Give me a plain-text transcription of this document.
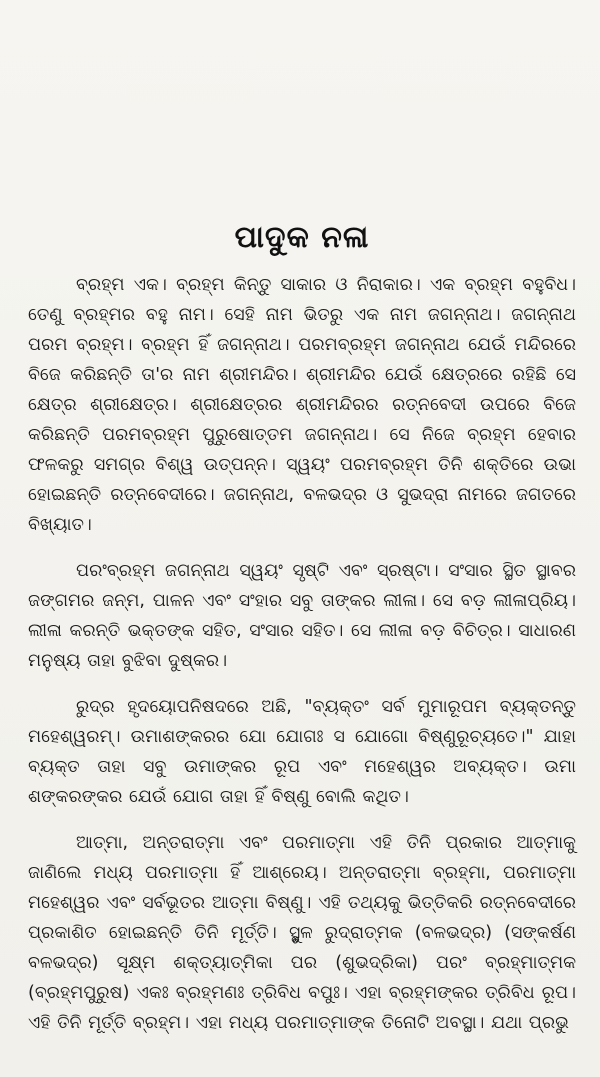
ପାଦୁକ ନଳା

ବ୍ରହ୍ମ ଏକ। ବ୍ରହ୍ମ କିନ୍ତୁ ସାକାର ଓ ନିରାକାର। ଏକ ବ୍ରହ୍ମ ବହୁବିଧ। ତେଣୁ ବ୍ରହ୍ମର ବହୁ ନାମ। ସେହି ନାମ ଭିତରୁ ଏକ ନାମ ଜଗନ୍ନାଥ। ଜଗନ୍ନାଥ ପରମ ବ୍ରହ୍ମ। ବ୍ରହ୍ମ ହିଁ ଜଗନ୍ନାଥ। ପରମବ୍ରହ୍ମ ଜଗନ୍ନାଥ ଯେଉଁ ମନ୍ଦିରରେ ବିଜେ କରିଛନ୍ତି ତା'ର ନାମ ଶ୍ରୀମନ୍ଦିର। ଶ୍ରୀମନ୍ଦିର ଯେଉଁ କ୍ଷେତ୍ରରେ ରହିଛି ସେ କ୍ଷେତ୍ର ଶ୍ରୀକ୍ଷେତ୍ର। ଶ୍ରୀକ୍ଷେତ୍ରର ଶ୍ରୀମନ୍ଦିରର ରତ୍ନବେଦୀ ଉପରେ ବିଜେ କରିଛନ୍ତି ପରମବ୍ରହ୍ମ ପୁରୁଷୋତ୍ତମ ଜଗନ୍ନାଥ। ସେ ନିଜେ ବ୍ରହ୍ମ ହେବାର ଫଳକରୁ ସମଗ୍ର ବିଶ୍ୱ ଉତ୍ପନ୍ନ। ସ୍ୱୟଂ ପରମବ୍ରହ୍ମ ତିନି ଶକ୍ତିରେ ଉଭା ହୋଇଛନ୍ତି ରତ୍ନବେଦୀରେ। ଜଗନ୍ନାଥ, ବଳଭଦ୍ର ଓ ସୁଭଦ୍ରା ନାମରେ ଜଗତରେ ବିଖ୍ୟାତ।

ପରଂବ୍ରହ୍ମ ଜଗନ୍ନାଥ ସ୍ୱୟଂ ସୃଷ୍ଟି ଏବଂ ସ୍ରଷ୍ଟା। ସଂସାର ସ୍ଥିତ ସ୍ଥାବର ଜଙ୍ଗମର ଜନ୍ମ, ପାଳନ ଏବଂ ସଂହାର ସବୁ ତାଙ୍କର ଲୀଳା। ସେ ବଡ଼ ଲୀଳାପ୍ରିୟ। ଲୀଳା କରନ୍ତି ଭକ୍ତଙ୍କ ସହିତ, ସଂସାର ସହିତ। ସେ ଲୀଳା ବଡ଼ ବିଚିତ୍ର। ସାଧାରଣ ମନୁଷ୍ୟ ତାହା ବୁଝିବା ଦୁଷ୍କର।

ରୁଦ୍ର ହୃଦୟୋପନିଷଦରେ ଅଛି, "ବ୍ୟକ୍ତଂ ସର୍ବ ମୁମାରୂପମ ବ୍ୟକ୍ତନ୍ତୁ ମହେଶ୍ୱରମ୍। ଉମାଶଙ୍କରର ଯୋ ଯୋଗଃ ସ ଯୋଗୋ ବିଷ୍ଣୁରୂଚ୍ୟତେ।" ଯାହା ବ୍ୟକ୍ତ ତାହା ସବୁ ଉମାଙ୍କର ରୂପ ଏବଂ ମହେଶ୍ୱର ଅବ୍ୟକ୍ତ। ଉମା ଶଙ୍କରଙ୍କର ଯେଉଁ ଯୋଗ ତାହା ହିଁ ବିଷ୍ଣୁ ବୋଲି କଥିତ।

ଆତ୍ମା, ଅନ୍ତରାତ୍ମା ଏବଂ ପରମାତ୍ମା ଏହି ତିନି ପ୍ରକାର ଆତ୍ମାକୁ ଜାଣିଲେ ମଧ୍ୟ ପରମାତ୍ମା ହିଁ ଆଶ୍ରେୟ। ଅନ୍ତରାତ୍ମା ବ୍ରହ୍ମା, ପରମାତ୍ମା ମହେଶ୍ୱର ଏବଂ ସର୍ବଭୂତର ଆତ୍ମା ବିଷ୍ଣୁ। ଏହି ତଥ୍ୟକୁ ଭିତ୍ତିକରି ରତ୍ନବେଦୀରେ ପ୍ରକାଶିତ ହୋଇଛନ୍ତି ତିନି ମୂର୍ତ୍ତି। ସ୍ଥୁଳ ରୁଦ୍ରାତ୍ମକ (ବଳଭଦ୍ର) (ସଙ୍କର୍ଷଣ ବଳଭଦ୍ର) ସୂକ୍ଷ୍ମ ଶକ୍ତ୍ୟାତ୍ମିକା ପର (ଶୁଭଦ୍ରିକା) ପରଂ ବ୍ରହ୍ମାତ୍ମକ (ବ୍ରହ୍ମପୁରୁଷ) ଏକଃ ବ୍ରହ୍ମଣଃ ତ୍ରିବିଧ ବପୁଃ। ଏହା ବ୍ରହ୍ମଙ୍କର ତ୍ରିବିଧ ରୂପ। ଏହି ତିନି ମୂର୍ତ୍ତି ବ୍ରହ୍ମ। ଏହା ମଧ୍ୟ ପରମାତ୍ମାଙ୍କ ତିନୋଟି ଅବସ୍ଥା। ଯଥା ପ୍ରଭୁ
